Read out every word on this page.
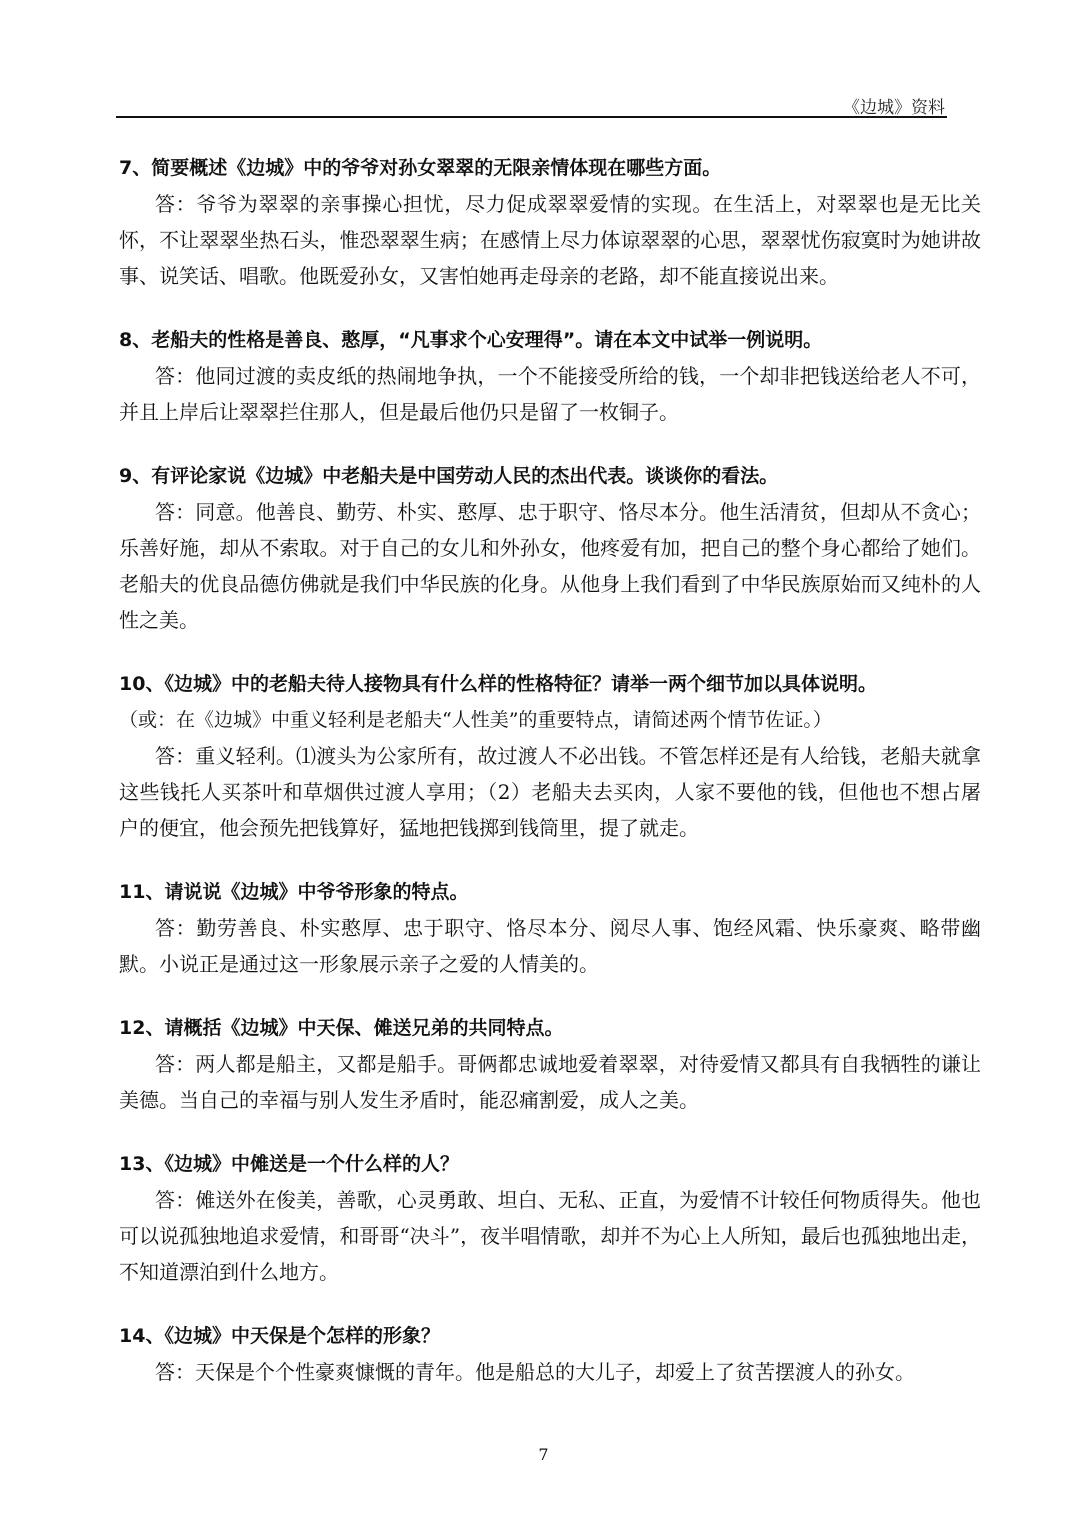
《边城》资料
7、简要概述《边城》中的爷爷对孙女翠翠的无限亲情体现在哪些方面。

答：爷爷为翠翠的亲事操心担忧，尽力促成翠翠爱情的实现。在生活上，对翠翠也是无比关怀，不让翠翠坐热石头，惟恐翠翠生病；在感情上尽力体谅翠翠的心思，翠翠忧伤寂寞时为她讲故事、说笑话、唱歌。他既爱孙女，又害怕她再走母亲的老路，却不能直接说出来。

8、老船夫的性格是善良、憨厚，“凡事求个心安理得”。请在本文中试举一例说明。

答：他同过渡的卖皮纸的热闹地争执，一个不能接受所给的钱，一个却非把钱送给老人不可，并且上岸后让翠翠拦住那人，但是最后他仍只是留了一枚铜子。

9、有评论家说《边城》中老船夫是中国劳动人民的杰出代表。谈谈你的看法。

答：同意。他善良、勤劳、朴实、憨厚、忠于职守、恪尽本分。他生活清贫，但却从不贪心；乐善好施，却从不索取。对于自己的女儿和外孙女，他疼爱有加，把自己的整个身心都给了她们。老船夫的优良品德仿佛就是我们中华民族的化身。从他身上我们看到了中华民族原始而又纯朴的人性之美。

10、《边城》中的老船夫待人接物具有什么样的性格特征？请举一两个细节加以具体说明。
（或：在《边城》中重义轻利是老船夫“人性美”的重要特点，请简述两个情节佐证。）

答：重义轻利。⑴渡头为公家所有，故过渡人不必出钱。不管怎样还是有人给钱，老船夫就拿这些钱托人买茶叶和草烟供过渡人享用；（2）老船夫去买肉，人家不要他的钱，但他也不想占屠户的便宜，他会预先把钱算好，猛地把钱掷到钱筒里，提了就走。

11、请说说《边城》中爷爷形象的特点。

答：勤劳善良、朴实憨厚、忠于职守、恪尽本分、阅尽人事、饱经风霜、快乐豪爽、略带幽默。小说正是通过这一形象展示亲子之爱的人情美的。

12、请概括《边城》中天保、傩送兄弟的共同特点。

答：两人都是船主，又都是船手。哥俩都忠诚地爱着翠翠，对待爱情又都具有自我牺牲的谦让美德。当自己的幸福与别人发生矛盾时，能忍痛割爱，成人之美。

13、《边城》中傩送是一个什么样的人？

答：傩送外在俊美，善歌，心灵勇敢、坦白、无私、正直，为爱情不计较任何物质得失。他也可以说孤独地追求爱情，和哥哥“决斗”，夜半唱情歌，却并不为心上人所知，最后也孤独地出走，不知道漂泊到什么地方。

14、《边城》中天保是个怎样的形象？

答：天保是个个性豪爽慷慨的青年。他是船总的大儿子，却爱上了贫苦摆渡人的孙女。

7
